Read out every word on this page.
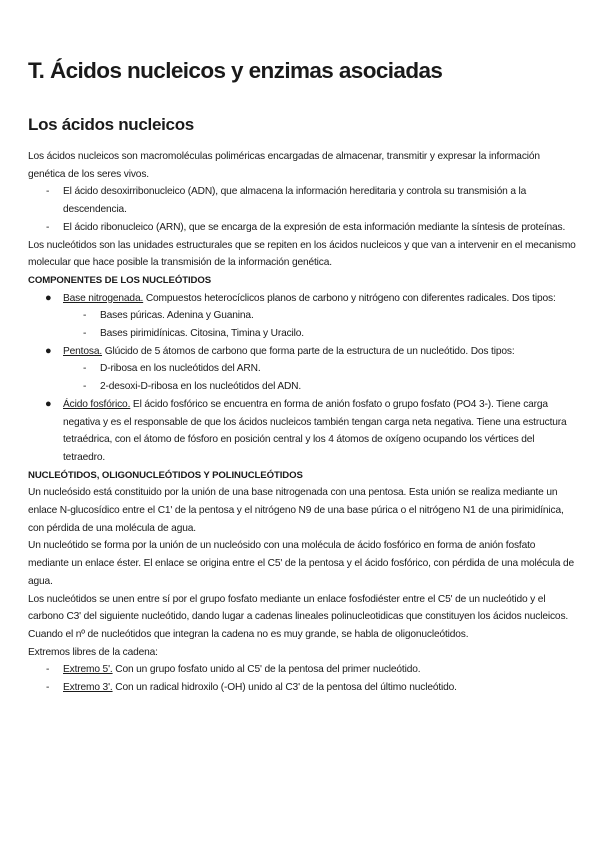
T. Ácidos nucleicos y enzimas asociadas
Los ácidos nucleicos

Los ácidos nucleicos son macromoléculas poliméricas encargadas de almacenar, transmitir y expresar la información genética de los seres vivos.

- El ácido desoxirribonucleico (ADN), que almacena la información hereditaria y controla su transmisión a la descendencia.

- El ácido ribonucleico (ARN), que se encarga de la expresión de esta información mediante la síntesis de proteínas.

Los nucleótidos son las unidades estructurales que se repiten en los ácidos nucleicos y que van a intervenir en el mecanismo molecular que hace posible la transmisión de la información genética.

COMPONENTES DE LOS NUCLEÓTIDOS

● Base nitrogenada. Compuestos heterocíclicos planos de carbono y nitrógeno con diferentes radicales. Dos tipos:

- Bases púricas. Adenina y Guanina.

- Bases pirimidínicas. Citosina, Timina y Uracilo.

● Pentosa. Glúcido de 5 átomos de carbono que forma parte de la estructura de un nucleótido. Dos tipos:

- D-ribosa en los nucleótidos del ARN.

- 2-desoxi-D-ribosa en los nucleótidos del ADN.

● Ácido fosfórico. El ácido fosfórico se encuentra en forma de anión fosfato o grupo fosfato (PO4 3-). Tiene carga negativa y es el responsable de que los ácidos nucleicos también tengan carga neta negativa. Tiene una estructura tetraédrica, con el átomo de fósforo en posición central y los 4 átomos de oxígeno ocupando los vértices del tetraedro.

NUCLEÓTIDOS, OLIGONUCLEÓTIDOS Y POLINUCLEÓTIDOS

Un nucleósido está constituido por la unión de una base nitrogenada con una pentosa. Esta unión se realiza mediante un enlace N-glucosídico entre el C1' de la pentosa y el nitrógeno N9 de una base púrica o el nitrógeno N1 de una pirimidínica, con pérdida de una molécula de agua.

Un nucleótido se forma por la unión de un nucleósido con una molécula de ácido fosfórico en forma de anión fosfato mediante un enlace éster. El enlace se origina entre el C5' de la pentosa y el ácido fosfórico, con pérdida de una molécula de agua.

Los nucleótidos se unen entre sí por el grupo fosfato mediante un enlace fosfodiéster entre el C5' de un nucleótido y el carbono C3' del siguiente nucleótido, dando lugar a cadenas lineales polinucleotidicas que constituyen los ácidos nucleicos. Cuando el nº de nucleótidos que integran la cadena no es muy grande, se habla de oligonucleótidos.

Extremos libres de la cadena:

- Extremo 5'. Con un grupo fosfato unido al C5' de la pentosa del primer nucleótido.

- Extremo 3'. Con un radical hidroxilo (-OH) unido al C3' de la pentosa del último nucleótido.
